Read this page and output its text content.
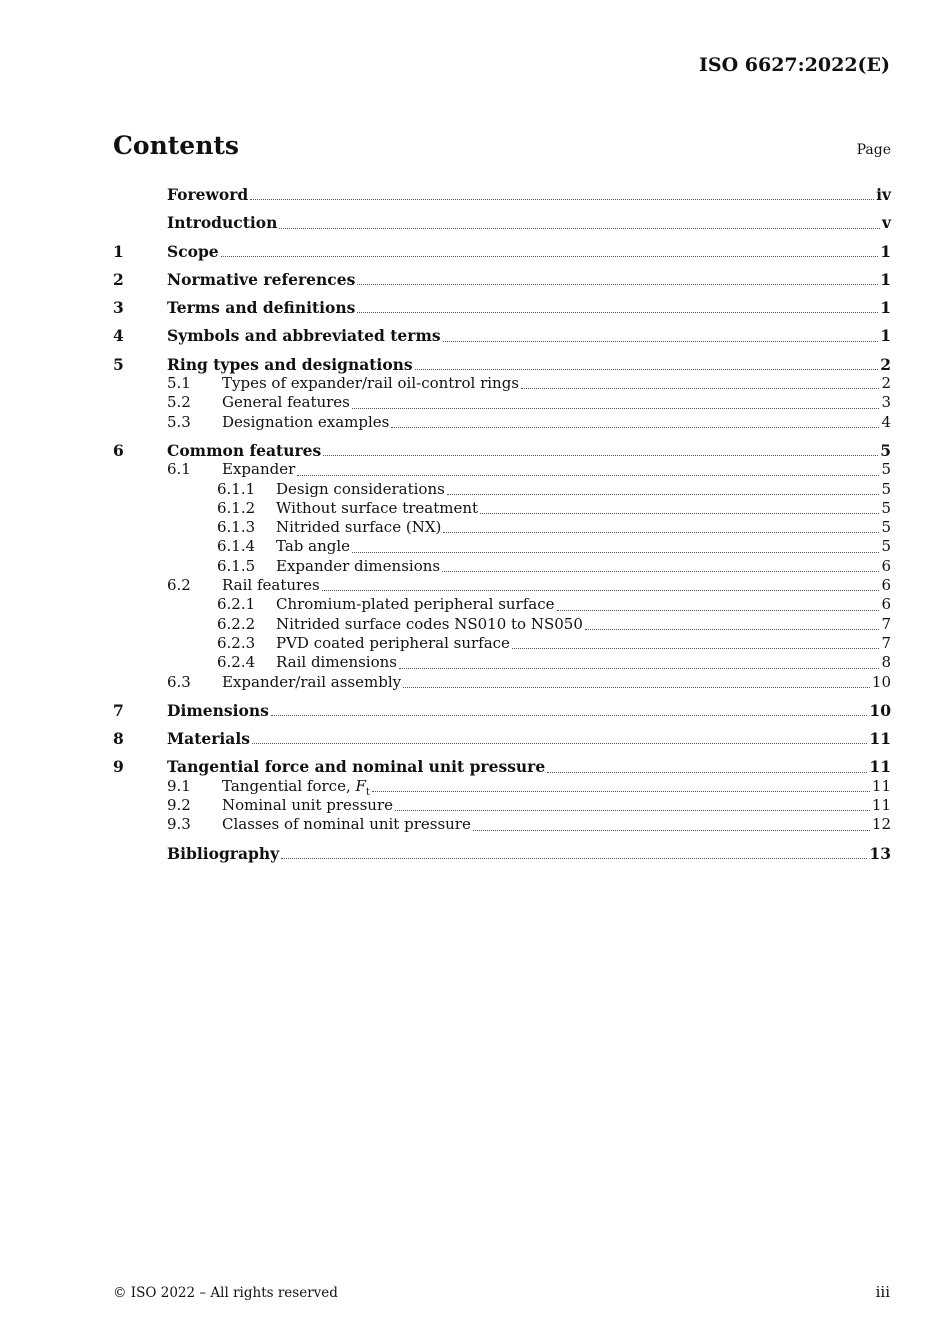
ISO 6627:2022(E)
Contents	Page
Foreword	iv
Introduction	v
1	Scope	1
2	Normative references	1
3	Terms and definitions	1
4	Symbols and abbreviated terms	1
5	Ring types and designations	2
5.1	Types of expander/rail oil-control rings	2
5.2	General features	3
5.3	Designation examples	4
6	Common features	5
6.1	Expander	5
6.1.1	Design considerations	5
6.1.2	Without surface treatment	5
6.1.3	Nitrided surface (NX)	5
6.1.4	Tab angle	5
6.1.5	Expander dimensions	6
6.2	Rail features	6
6.2.1	Chromium-plated peripheral surface	6
6.2.2	Nitrided surface codes NS010 to NS050	7
6.2.3	PVD coated peripheral surface	7
6.2.4	Rail dimensions	8
6.3	Expander/rail assembly	10
7	Dimensions	10
8	Materials	11
9	Tangential force and nominal unit pressure	11
9.1	Tangential force, $F_t$	11
9.2	Nominal unit pressure	11
9.3	Classes of nominal unit pressure	12
Bibliography	13
© ISO 2022 – All rights reserved	iii
